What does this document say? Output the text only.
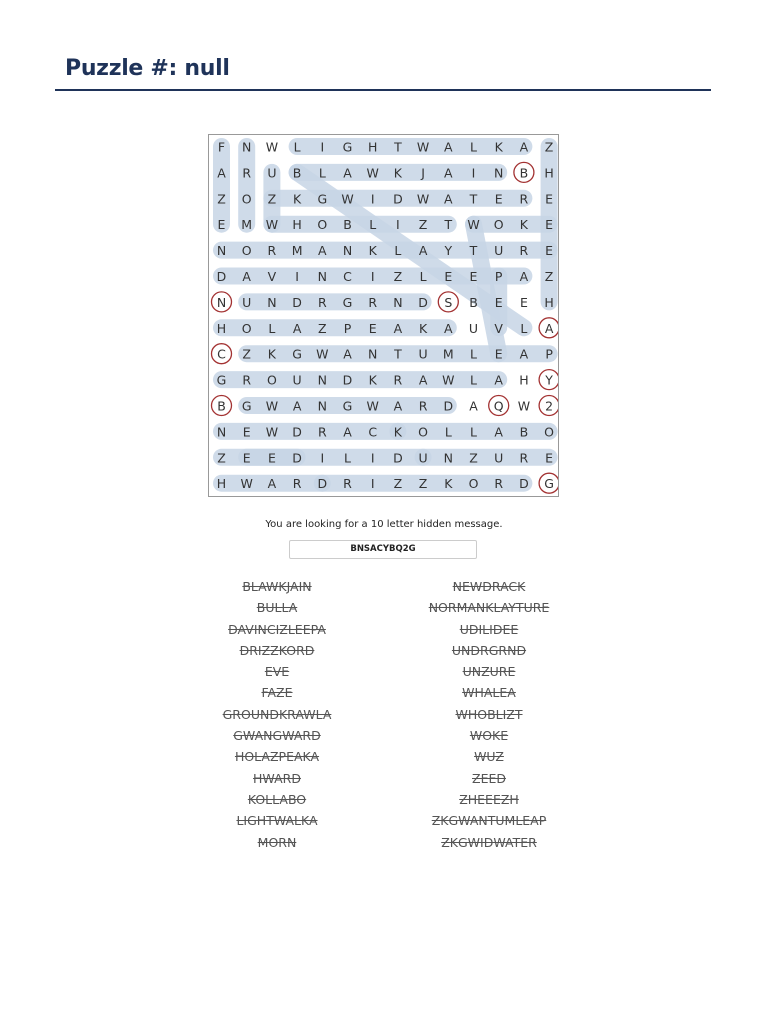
Puzzle #: null
F N W L I G H T W A L K A Z
A R U B L A W K J A I N B H
Z O Z K G W I D W A T E R E
E M W H O B L I Z T W O K E
N O R M A N K L A Y T U R E
D A V I N C I Z L E E P A Z
N U N D R G R N D S B E E H
H O L A Z P E A K A U V L A
C Z K G W A N T U M L E A P
G R O U N D K R A W L A H Y
B G W A N G W A R D A Q W 2
N E W D R A C K O L L A B O
Z E E D I L I D U N Z U R E
H W A R D R I Z Z K O R D G
You are looking for a 10 letter hidden message.
BNSACYBQ2G
BLAWKJAIN
BULLA
DAVINCIZLEEPA
DRIZZKORD
EVE
FAZE
GROUNDKRAWLA
GWANGWARD
HOLAZPEAKA
HWARD
KOLLABO
LIGHTWALKA
MORN
NEWDRACK
NORMANKLAYTURE
UDILIDEE
UNDRGRND
UNZURE
WHALEA
WHOBLIZT
WOKE
WUZ
ZEED
ZHEEEZH
ZKGWANTUMLEAP
ZKGWIDWATER
